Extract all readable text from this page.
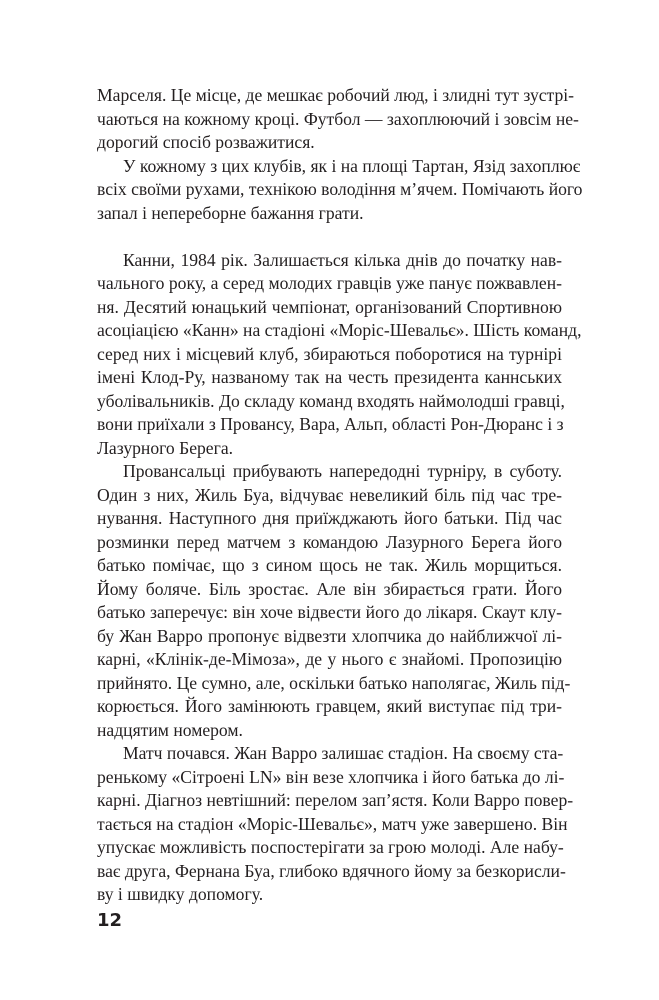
Марселя. Це місце, де мешкає робочий люд, і злидні тут зустрі-
чаються на кожному кроці. Футбол — захоплюючий і зовсім не-
дорогий спосіб розважитися.
У кожному з цих клубів, як і на площі Тартан, Язід захоплює
всіх своїми рухами, технікою володіння м’ячем. Помічають його
запал і непереборне бажання грати.
Канни, 1984 рік. Залишається кілька днів до початку нав-
чального року, а серед молодих гравців уже панує пожвавлен-
ня. Десятий юнацький чемпіонат, організований Спортивною
асоціацією «Канн» на стадіоні «Моріс-Шевальє». Шість команд,
серед них і місцевий клуб, збираються поборотися на турнірі
імені Клод-Ру, названому так на честь президента каннських
уболівальників. До складу команд входять наймолодші гравці,
вони приїхали з Провансу, Вара, Альп, області Рон-Дюранс і з
Лазурного Берега.
Провансальці прибувають напередодні турніру, в суботу.
Один з них, Жиль Буа, відчуває невеликий біль під час тре-
нування. Наступного дня приїжджають його батьки. Під час
розминки перед матчем з командою Лазурного Берега його
батько помічає, що з сином щось не так. Жиль морщиться.
Йому боляче. Біль зростає. Але він збирається грати. Його
батько заперечує: він хоче відвести його до лікаря. Скаут клу-
бу Жан Варро пропонує відвезти хлопчика до найближчої лі-
карні, «Клінік-де-Мімоза», де у нього є знайомі. Пропозицію
прийнято. Це сумно, але, оскільки батько наполягає, Жиль під-
корюється. Його замінюють гравцем, який виступає під три-
надцятим номером.
Матч почався. Жан Варро залишає стадіон. На своєму ста-
ренькому «Сітроені LN» він везе хлопчика і його батька до лі-
карні. Діагноз невтішний: перелом зап’ястя. Коли Варро повер-
тається на стадіон «Моріс-Шевальє», матч уже завершено. Він
упускає можливість поспостерігати за грою молоді. Але набу-
ває друга, Фернана Буа, глибоко вдячного йому за безкорисли-
ву і швидку допомогу.
12
